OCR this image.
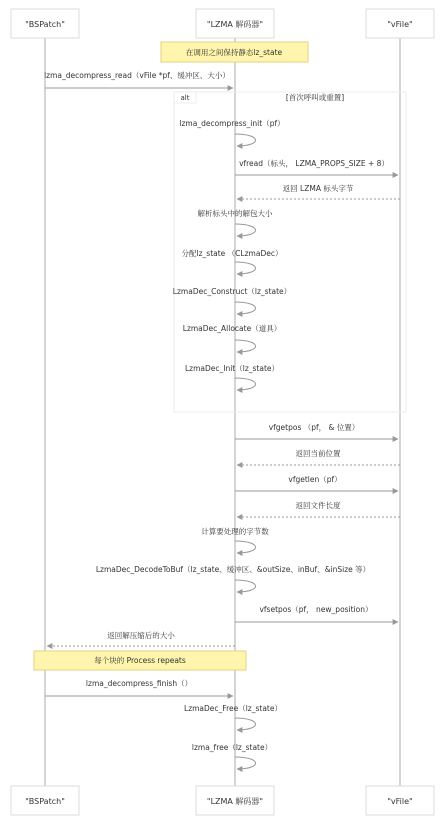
"BSPatch"	"LZMA 解码器"	"vFile"
"BSPatch"	"LZMA 解码器"	"vFile"
在调用之间保持静态lz_state
lzma_decompress_read（vFile *pf、缓冲区、大小）
alt	[首次呼叫或重置]
lzma_decompress_init（pf）
vfread（标头， LZMA_PROPS_SIZE + 8）
返回 LZMA 标头字节
解析标头中的解包大小
分配lz_state （CLzmaDec）
LzmaDec_Construct（lz_state）
LzmaDec_Allocate（道具）
LzmaDec_Init（lz_state）
vfgetpos （pf， & 位置）
返回当前位置
vfgetlen（pf）
返回文件长度
计算要处理的字节数
LzmaDec_DecodeToBuf（lz_state、缓冲区、&outSize、inBuf、&inSize 等）
vfsetpos（pf， new_position）
返回解压缩后的大小
每个块的 Process repeats
lzma_decompress_finish（）
LzmaDec_Free（lz_state）
lzma_free（lz_state）
